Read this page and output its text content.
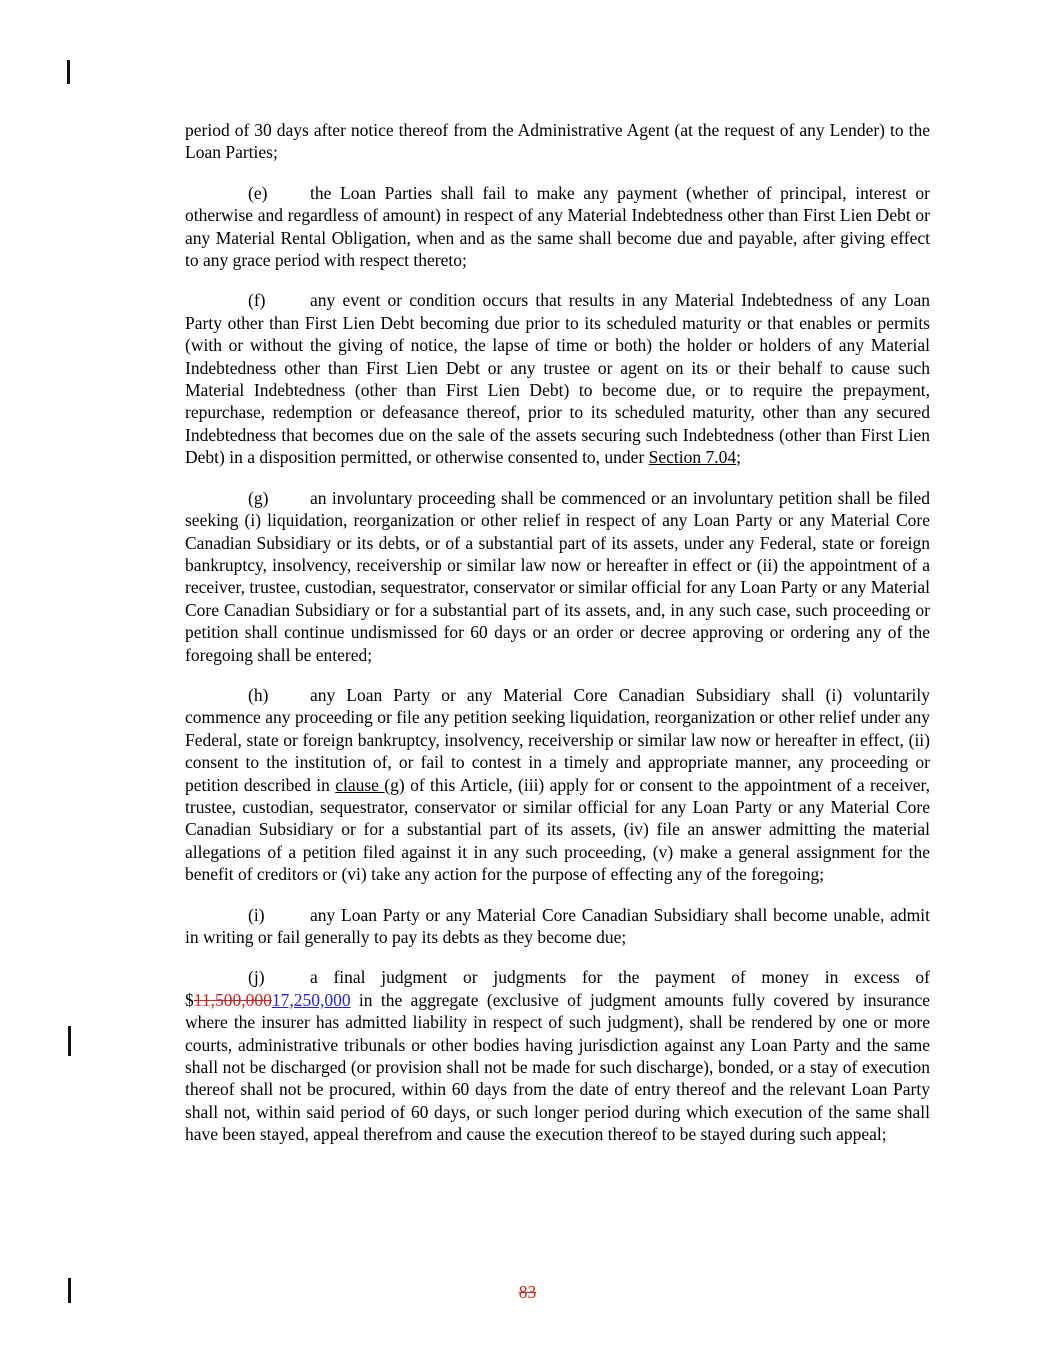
period of 30 days after notice thereof from the Administrative Agent (at the request of any Lender) to the Loan Parties;

(e) the Loan Parties shall fail to make any payment (whether of principal, interest or otherwise and regardless of amount) in respect of any Material Indebtedness other than First Lien Debt or any Material Rental Obligation, when and as the same shall become due and payable, after giving effect to any grace period with respect thereto;

(f)	any event or condition occurs that results in any Material Indebtedness of any Loan Party other than First Lien Debt becoming due prior to its scheduled maturity or that enables or permits (with or without the giving of notice, the lapse of time or both) the holder or holders of any Material Indebtedness other than First Lien Debt or any trustee or agent on its or their behalf to cause such Material Indebtedness (other than First Lien Debt) to become due, or to require the prepayment, repurchase, redemption or defeasance thereof, prior to its scheduled maturity, other than any secured Indebtedness that becomes due on the sale of the assets securing such Indebtedness (other than First Lien Debt) in a disposition permitted, or otherwise consented to, under Section 7.04;

(g) an involuntary proceeding shall be commenced or an involuntary petition shall be filed seeking (i) liquidation, reorganization or other relief in respect of any Loan Party or any Material Core Canadian Subsidiary or its debts, or of a substantial part of its assets, under any Federal, state or foreign bankruptcy, insolvency, receivership or similar law now or hereafter in effect or (ii) the appointment of a receiver, trustee, custodian, sequestrator, conservator or similar official for any Loan Party or any Material Core Canadian Subsidiary or for a substantial part of its assets, and, in any such case, such proceeding or petition shall continue undismissed for 60 days or an order or decree approving or ordering any of the foregoing shall be entered;

(h) any Loan Party or any Material Core Canadian Subsidiary shall (i) voluntarily commence any proceeding or file any petition seeking liquidation, reorganization or other relief under any Federal, state or foreign bankruptcy, insolvency, receivership or similar law now or hereafter in effect, (ii) consent to the institution of, or fail to contest in a timely and appropriate manner, any proceeding or petition described in clause (g) of this Article, (iii) apply for or consent to the appointment of a receiver, trustee, custodian, sequestrator, conservator or similar official for any Loan Party or any Material Core Canadian Subsidiary or for a substantial part of its assets, (iv) file an answer admitting the material allegations of a petition filed against it in any such proceeding, (v) make a general assignment for the benefit of creditors or (vi) take any action for the purpose of effecting any of the foregoing;

(i)	any Loan Party or any Material Core Canadian Subsidiary shall become unable, admit in writing or fail generally to pay its debts as they become due;

(j)	a final judgment or judgments for the payment of money in excess of $11,500,00017,250,000 in the aggregate (exclusive of judgment amounts fully covered by insurance where the insurer has admitted liability in respect of such judgment), shall be rendered by one or more courts, administrative tribunals or other bodies having jurisdiction against any Loan Party and the same shall not be discharged (or provision shall not be made for such discharge), bonded, or a stay of execution thereof shall not be procured, within 60 days from the date of entry thereof and the relevant Loan Party shall not, within said period of 60 days, or such longer period during which execution of the same shall have been stayed, appeal therefrom and cause the execution thereof to be stayed during such appeal;

83
